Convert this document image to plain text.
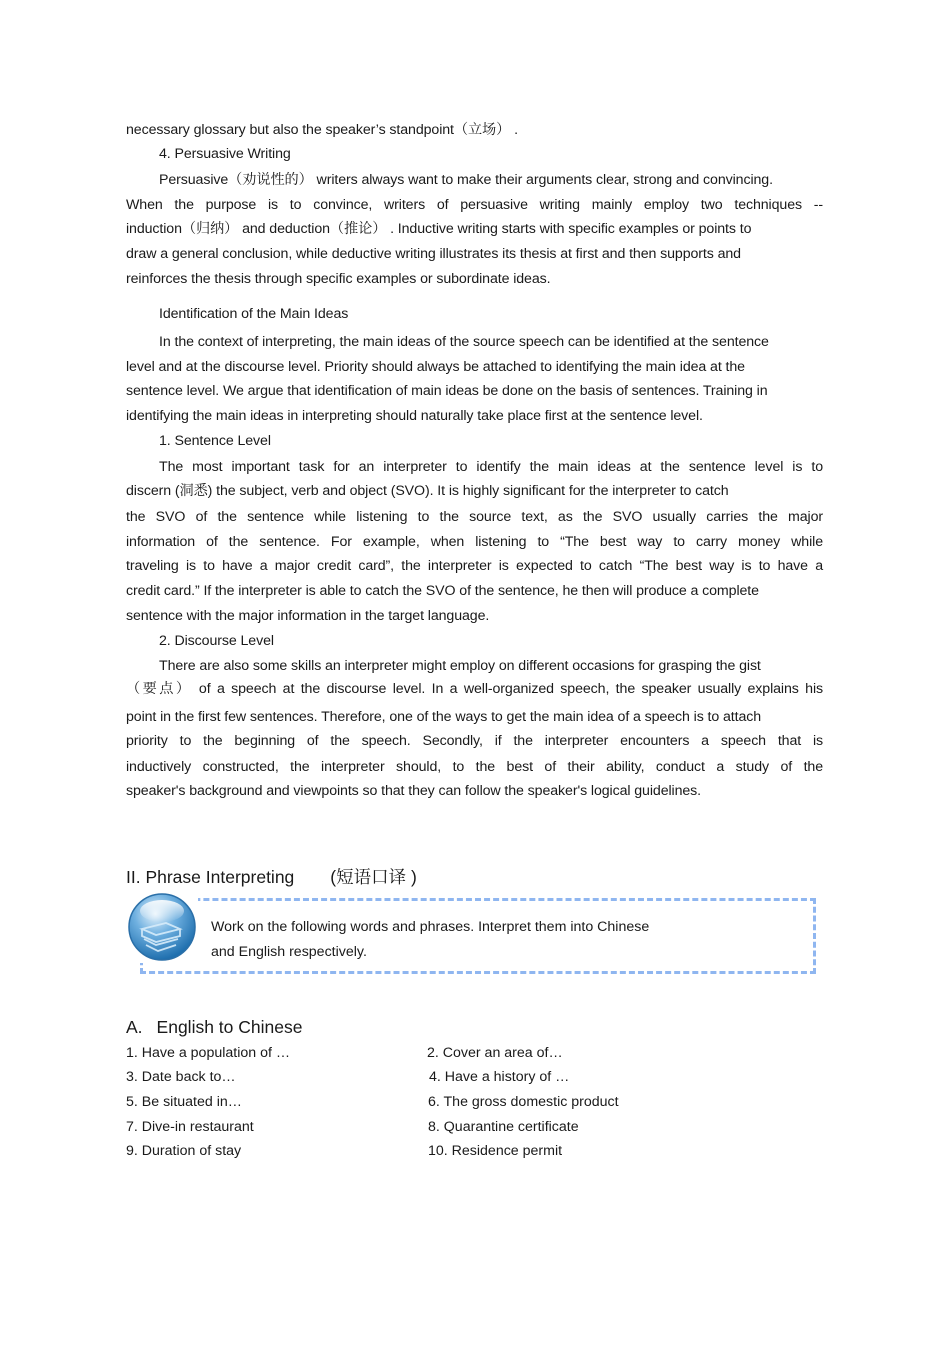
necessary glossary but also the speaker’s standpoint（立场） .
4. Persuasive Writing
Persuasive（劝说性的） writers always want to make their arguments clear, strong and convincing.
When the purpose is to convince, writers of persuasive writing mainly employ two techniques --
induction（归纳） and deduction（推论） . Inductive writing starts with specific examples or points to
draw a general conclusion, while deductive writing illustrates its thesis at first and then supports and
reinforces the thesis through specific examples or subordinate ideas.
Identification of the Main Ideas
In the context of interpreting, the main ideas of the source speech can be identified at the sentence
level and at the discourse level. Priority should always be attached to identifying the main idea at the
sentence level. We argue that identification of main ideas be done on the basis of sentences. Training in
identifying the main ideas in interpreting should naturally take place first at the sentence level.
1. Sentence Level
The most important task for an interpreter to identify the main ideas at the sentence level is to
discern (洞悉) the subject, verb and object (SVO). It is highly significant for the interpreter to catch
the SVO of the sentence while listening to the source text, as the SVO usually carries the major
information of the sentence. For example, when listening to “The best way to carry money while
traveling is to have a major credit card”, the interpreter is expected to catch “The best way is to have a
credit card.” If the interpreter is able to catch the SVO of the sentence, he then will produce a complete
sentence with the major information in the target language.
2. Discourse Level
There are also some skills an interpreter might employ on different occasions for grasping the gist
（要点） of a speech at the discourse level. In a well-organized speech, the speaker usually explains his
point in the first few sentences. Therefore, one of the ways to get the main idea of a speech is to attach
priority to the beginning of the speech. Secondly, if the interpreter encounters a speech that is
inductively constructed, the interpreter should, to the best of their ability, conduct a study of the
speaker's background and viewpoints so that they can follow the speaker's logical guidelines.
II. Phrase Interpreting (短语口译 )
Work on the following words and phrases. Interpret them into Chinese
and English respectively.
A. English to Chinese
1. Have a population of …	2. Cover an area of…
3. Date back to…	4. Have a history of …
5. Be situated in…	6. The gross domestic product
7. Dive-in restaurant	8. Quarantine certificate
9. Duration of stay	10. Residence permit
